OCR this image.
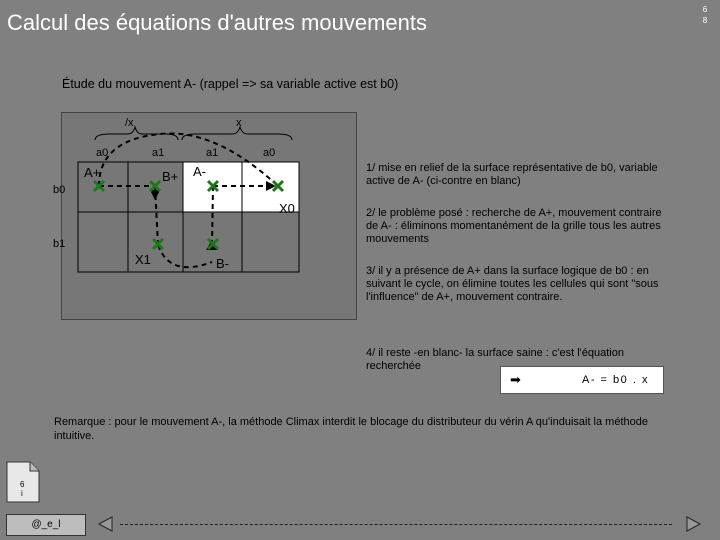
Calcul des équations d'autres mouvements
6
8
Étude du mouvement A- (rappel => sa variable active est b0)
/x	x
a0	a1	a1	a0
b0
b1
A+	B+ A-
X0
X1	B-
1/ mise en relief de la surface représentative de b0, variable active de A- (ci-contre en blanc)
2/ le problème posé : recherche de A+, mouvement contraire de A- : éliminons momentanément de la grille tous les autres mouvements
3/ il y a présence de A+ dans la surface logique de b0 : en suivant le cycle, on élimine toutes les cellules qui sont "sous l'influence" de A+, mouvement contraire.
4/ il reste -en blanc- la surface saine : c'est l'équation recherchée
➡	A- = b0 . x
Remarque : pour le mouvement A-, la méthode Climax interdit le blocage du distributeur du vérin A qu'induisait la méthode intuitive.
6
i
@_e_l
